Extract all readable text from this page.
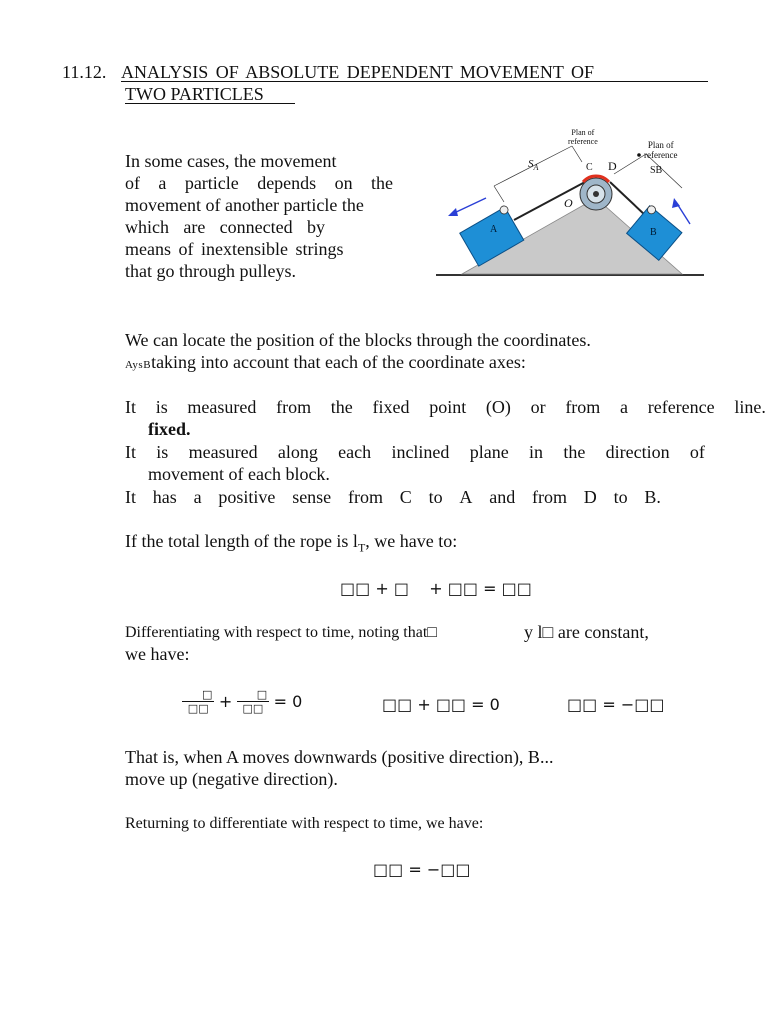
11.12. ANALYSIS OF ABSOLUTE DEPENDENT MOVEMENT OF
TWO PARTICLES
In some cases, the movement
of a particle depends on the
movement of another particle the
which are connected by
means of inextensible strings
that go through pulleys.
Plan of
reference	Plan of
reference
$S_A$	C D	SB
O
A	B
We can locate the position of the blocks through the coordinates.
AysBtaking into account that each of the coordinate axes:
It is measured from the fixed point (O) or from a reference line.
fixed.
It is measured along each inclined plane in the direction of
movement of each block.
It has a positive sense from C to A and from D to B.
If the total length of the rope is $l_T$, we have to:
□□ + □    + □□ = □□
Differentiating with respect to time, noting that□	y l□ are constant,
we have:
□
□□ +	□
□□ = 0	□□ + □□ = 0	□□ = −□□
That is, when A moves downwards (positive direction), B...
move up (negative direction).
Returning to differentiate with respect to time, we have:
□□ = −□□
